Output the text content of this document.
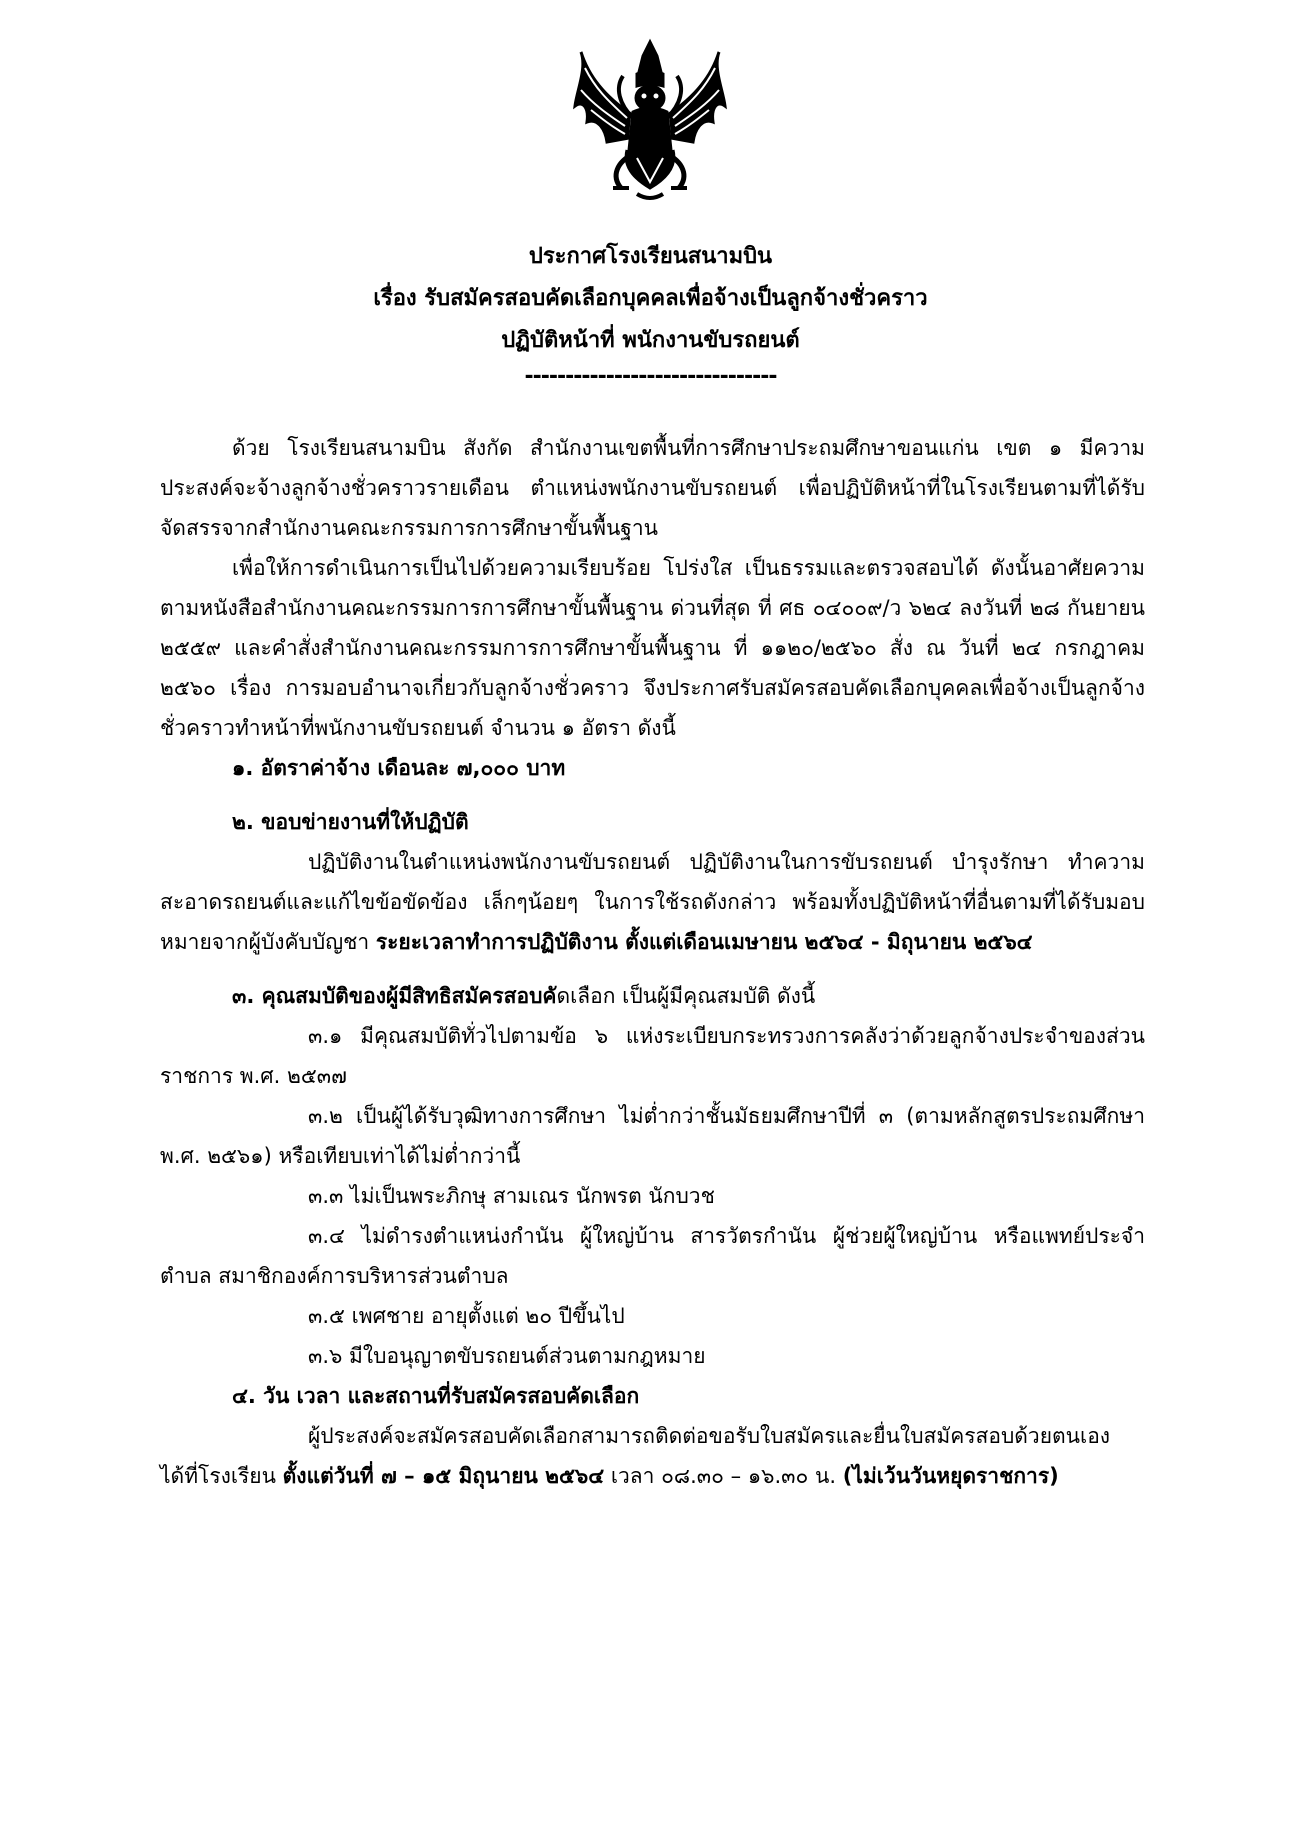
ประกาศโรงเรียนสนามบิน
เรื่อง รับสมัครสอบคัดเลือกบุคคลเพื่อจ้างเป็นลูกจ้างชั่วคราว
ปฏิบัติหน้าที่ พนักงานขับรถยนต์
-------------------------------

ด้วย โรงเรียนสนามบิน สังกัด สำนักงานเขตพื้นที่การศึกษาประถมศึกษาขอนแก่น เขต ๑ มีความประสงค์จะจ้างลูกจ้างชั่วคราวรายเดือน ตำแหน่งพนักงานขับรถยนต์ เพื่อปฏิบัติหน้าที่ในโรงเรียนตามที่ได้รับจัดสรรจากสำนักงานคณะกรรมการการศึกษาขั้นพื้นฐาน

เพื่อให้การดำเนินการเป็นไปด้วยความเรียบร้อย โปร่งใส เป็นธรรมและตรวจสอบได้ ดังนั้นอาศัยความตามหนังสือสำนักงานคณะกรรมการการศึกษาขั้นพื้นฐาน ด่วนที่สุด ที่ ศธ ๐๔๐๐๙/ว ๖๒๔ ลงวันที่ ๒๘ กันยายน ๒๕๕๙ และคำสั่งสำนักงานคณะกรรมการการศึกษาขั้นพื้นฐาน ที่ ๑๑๒๐/๒๕๖๐ สั่ง ณ วันที่ ๒๔ กรกฎาคม ๒๕๖๐ เรื่อง การมอบอำนาจเกี่ยวกับลูกจ้างชั่วคราว จึงประกาศรับสมัครสอบคัดเลือกบุคคลเพื่อจ้างเป็นลูกจ้างชั่วคราวทำหน้าที่พนักงานขับรถยนต์ จำนวน ๑ อัตรา ดังนี้

๑. อัตราค่าจ้าง เดือนละ ๗,๐๐๐ บาท

๒. ขอบข่ายงานที่ให้ปฏิบัติ

ปฏิบัติงานในตำแหน่งพนักงานขับรถยนต์ ปฏิบัติงานในการขับรถยนต์ บำรุงรักษา ทำความสะอาดรถยนต์และแก้ไขข้อขัดข้อง เล็กๆน้อยๆ ในการใช้รถดังกล่าว พร้อมทั้งปฏิบัติหน้าที่อื่นตามที่ได้รับมอบหมายจากผู้บังคับบัญชา ระยะเวลาทำการปฏิบัติงาน ตั้งแต่เดือนเมษายน ๒๕๖๔ - มิถุนายน ๒๕๖๔

๓. คุณสมบัติของผู้มีสิทธิสมัครสอบคัดเลือก เป็นผู้มีคุณสมบัติ ดังนี้

๓.๑ มีคุณสมบัติทั่วไปตามข้อ ๖ แห่งระเบียบกระทรวงการคลังว่าด้วยลูกจ้างประจำของส่วนราชการ พ.ศ. ๒๕๓๗

๓.๒ เป็นผู้ได้รับวุฒิทางการศึกษา ไม่ต่ำกว่าชั้นมัธยมศึกษาปีที่ ๓ (ตามหลักสูตรประถมศึกษา พ.ศ. ๒๕๖๑) หรือเทียบเท่าได้ไม่ต่ำกว่านี้

๓.๓ ไม่เป็นพระภิกษุ สามเณร นักพรต นักบวช

๓.๔ ไม่ดำรงตำแหน่งกำนัน ผู้ใหญ่บ้าน สารวัตรกำนัน ผู้ช่วยผู้ใหญ่บ้าน หรือแพทย์ประจำตำบล สมาชิกองค์การบริหารส่วนตำบล

๓.๕ เพศชาย อายุตั้งแต่ ๒๐ ปีขึ้นไป

๓.๖ มีใบอนุญาตขับรถยนต์ส่วนตามกฎหมาย

๔. วัน เวลา และสถานที่รับสมัครสอบคัดเลือก

ผู้ประสงค์จะสมัครสอบคัดเลือกสามารถติดต่อขอรับใบสมัครและยื่นใบสมัครสอบด้วยตนเองได้ที่โรงเรียน ตั้งแต่วันที่ ๗ – ๑๕ มิถุนายน ๒๕๖๔ เวลา ๐๘.๓๐ – ๑๖.๓๐ น. (ไม่เว้นวันหยุดราชการ)
